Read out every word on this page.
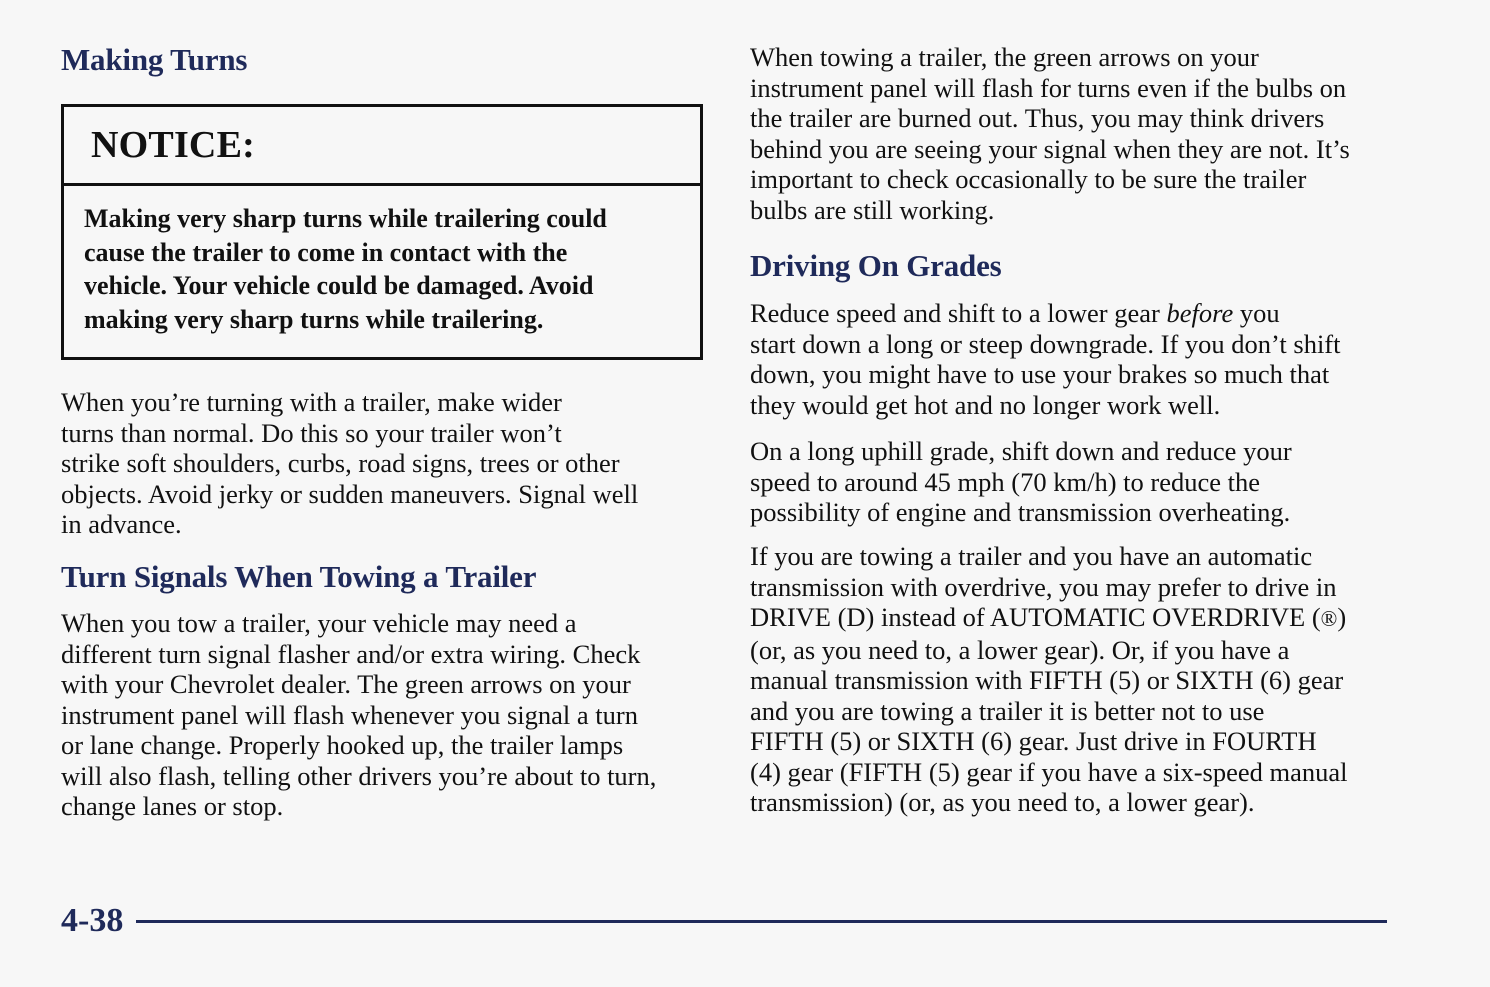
Making Turns
NOTICE:
Making very sharp turns while trailering could
cause the trailer to come in contact with the
vehicle. Your vehicle could be damaged. Avoid
making very sharp turns while trailering.

When you’re turning with a trailer, make wider
turns than normal. Do this so your trailer won’t
strike soft shoulders, curbs, road signs, trees or other
objects. Avoid jerky or sudden maneuvers. Signal well
in advance.

Turn Signals When Towing a Trailer

When you tow a trailer, your vehicle may need a
different turn signal flasher and/or extra wiring. Check
with your Chevrolet dealer. The green arrows on your
instrument panel will flash whenever you signal a turn
or lane change. Properly hooked up, the trailer lamps
will also flash, telling other drivers you’re about to turn,
change lanes or stop.

When towing a trailer, the green arrows on your
instrument panel will flash for turns even if the bulbs on
the trailer are burned out. Thus, you may think drivers
behind you are seeing your signal when they are not. It’s
important to check occasionally to be sure the trailer
bulbs are still working.

Driving On Grades

Reduce speed and shift to a lower gear before you
start down a long or steep downgrade. If you don’t shift
down, you might have to use your brakes so much that
they would get hot and no longer work well.

On a long uphill grade, shift down and reduce your
speed to around 45 mph (70 km/h) to reduce the
possibility of engine and transmission overheating.

If you are towing a trailer and you have an automatic
transmission with overdrive, you may prefer to drive in
DRIVE (D) instead of AUTOMATIC OVERDRIVE (®)
(or, as you need to, a lower gear). Or, if you have a
manual transmission with FIFTH (5) or SIXTH (6) gear
and you are towing a trailer it is better not to use
FIFTH (5) or SIXTH (6) gear. Just drive in FOURTH
(4) gear (FIFTH (5) gear if you have a six-speed manual
transmission) (or, as you need to, a lower gear).

4-38
